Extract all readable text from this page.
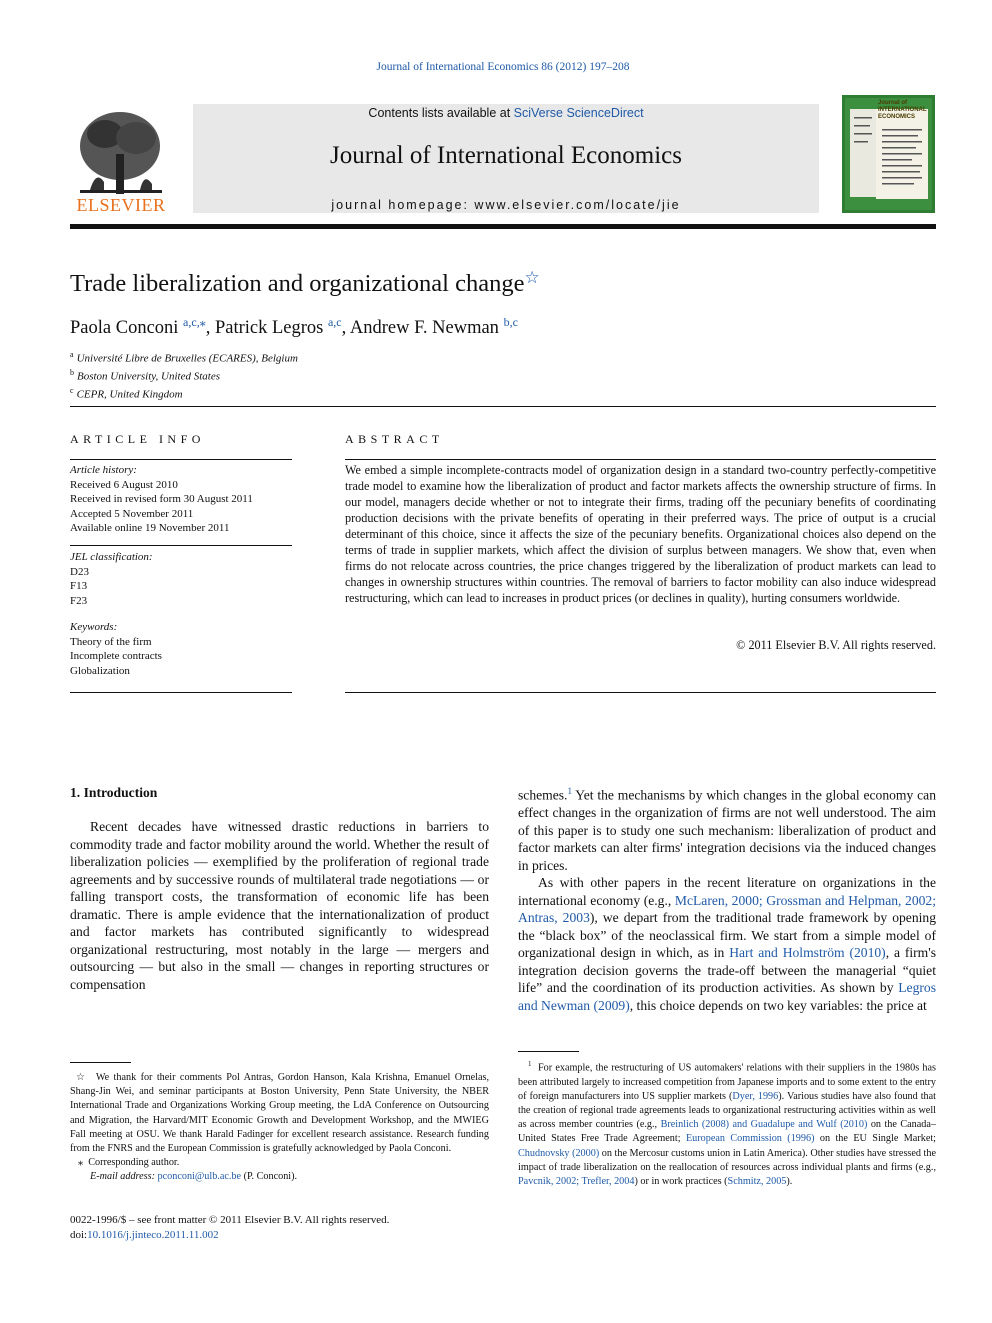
Journal of International Economics 86 (2012) 197–208
ELSEVIER
Contents lists available at SciVerse ScienceDirect
Journal of International Economics
journal homepage: www.elsevier.com/locate/jie
Journal of INTERNATIONAL ECONOMICS
Trade liberalization and organizational change☆
Paola Conconi $^{a,c,⁎}$, Patrick Legros $^{a,c}$, Andrew F. Newman $^{b,c}$
$^a$ Université Libre de Bruxelles (ECARES), Belgium
$^b$ Boston University, United States
$^c$ CEPR, United Kingdom
ARTICLE INFO
Article history:
Received 6 August 2010
Received in revised form 30 August 2011
Accepted 5 November 2011
Available online 19 November 2011
JEL classification:
D23
F13
F23
Keywords:
Theory of the firm
Incomplete contracts
Globalization
ABSTRACT
We embed a simple incomplete-contracts model of organization design in a standard two-country perfectly-competitive trade model to examine how the liberalization of product and factor markets affects the ownership structure of firms. In our model, managers decide whether or not to integrate their firms, trading off the pecuniary benefits of coordinating production decisions with the private benefits of operating in their preferred ways. The price of output is a crucial determinant of this choice, since it affects the size of the pecuniary benefits. Organizational choices also depend on the terms of trade in supplier markets, which affect the division of surplus between managers. We show that, even when firms do not relocate across countries, the price changes triggered by the liberalization of product markets can lead to changes in ownership structures within countries. The removal of barriers to factor mobility can also induce widespread restructuring, which can lead to increases in product prices (or declines in quality), hurting consumers worldwide.
© 2011 Elsevier B.V. All rights reserved.
1. Introduction
Recent decades have witnessed drastic reductions in barriers to commodity trade and factor mobility around the world. Whether the result of liberalization policies — exemplified by the proliferation of regional trade agreements and by successive rounds of multilateral trade negotiations — or falling transport costs, the transformation of economic life has been dramatic. There is ample evidence that the internationalization of product and factor markets has contributed significantly to widespread organizational restructuring, most notably in the large — mergers and outsourcing — but also in the small — changes in reporting structures or compensation
schemes.$^1$ Yet the mechanisms by which changes in the global economy can effect changes in the organization of firms are not well understood. The aim of this paper is to study one such mechanism: liberalization of product and factor markets can alter firms' integration decisions via the induced changes in prices.
As with other papers in the recent literature on organizations in the international economy (e.g., McLaren, 2000; Grossman and Helpman, 2002; Antras, 2003), we depart from the traditional trade framework by opening the “black box” of the neoclassical firm. We start from a simple model of organizational design in which, as in Hart and Holmström (2010), a firm's integration decision governs the trade-off between the managerial “quiet life” and the coordination of its production activities. As shown by Legros and Newman (2009), this choice depends on two key variables: the price at
☆ We thank for their comments Pol Antras, Gordon Hanson, Kala Krishna, Emanuel Ornelas, Shang-Jin Wei, and seminar participants at Boston University, Penn State University, the NBER International Trade and Organizations Working Group meeting, the LdA Conference on Outsourcing and Migration, the Harvard/MIT Economic Growth and Development Workshop, and the MWIEG Fall meeting at OSU. We thank Harald Fadinger for excellent research assistance. Research funding from the FNRS and the European Commission is gratefully acknowledged by Paola Conconi.
⁎ Corresponding author.
E-mail address: pconconi@ulb.ac.be (P. Conconi).
$^1$ For example, the restructuring of US automakers' relations with their suppliers in the 1980s has been attributed largely to increased competition from Japanese imports and to some extent to the entry of foreign manufacturers into US supplier markets (Dyer, 1996). Various studies have also found that the creation of regional trade agreements leads to organizational restructuring activities within as well as across member countries (e.g., Breinlich (2008) and Guadalupe and Wulf (2010) on the Canada–United States Free Trade Agreement; European Commission (1996) on the EU Single Market; Chudnovsky (2000) on the Mercosur customs union in Latin America). Other studies have stressed the impact of trade liberalization on the reallocation of resources across individual plants and firms (e.g., Pavcnik, 2002; Trefler, 2004) or in work practices (Schmitz, 2005).
0022-1996/$ – see front matter © 2011 Elsevier B.V. All rights reserved.
doi:10.1016/j.jinteco.2011.11.002
